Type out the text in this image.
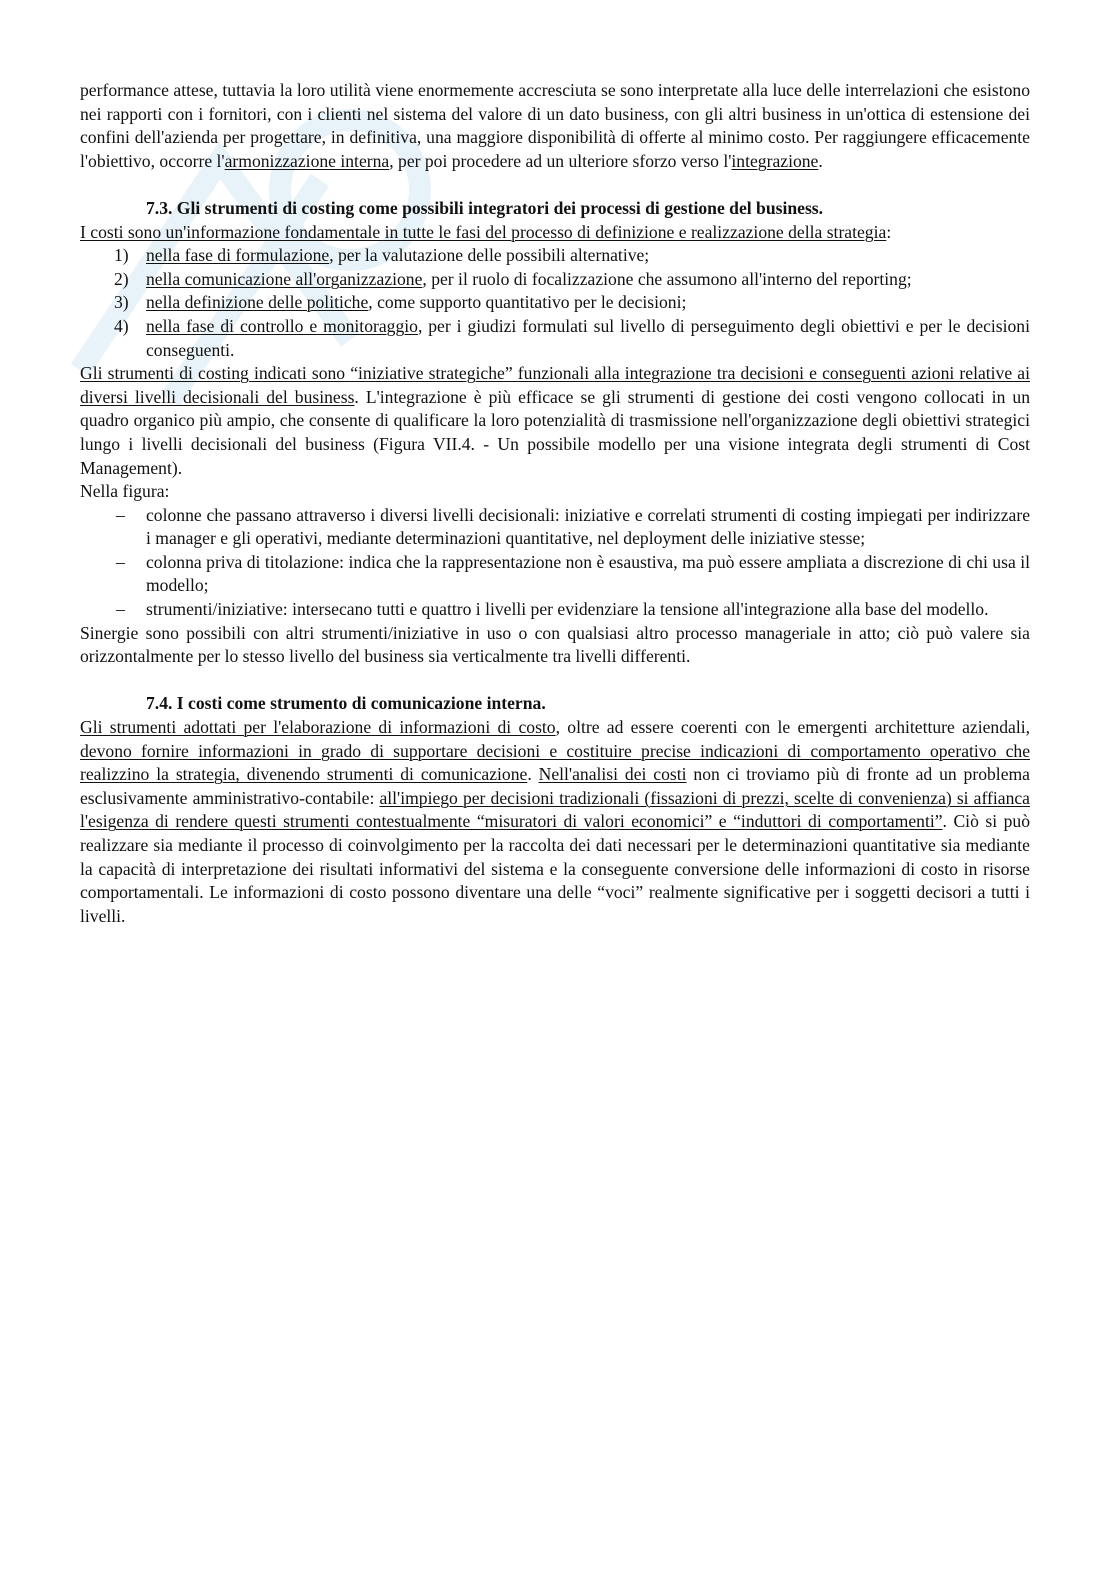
performance attese, tuttavia la loro utilità viene enormemente accresciuta se sono interpretate alla luce delle interrelazioni che esistono nei rapporti con i fornitori, con i clienti nel sistema del valore di un dato business, con gli altri business in un'ottica di estensione dei confini dell'azienda per progettare, in definitiva, una maggiore disponibilità di offerte al minimo costo. Per raggiungere efficacemente l'obiettivo, occorre l'armonizzazione interna, per poi procedere ad un ulteriore sforzo verso l'integrazione.

7.3. Gli strumenti di costing come possibili integratori dei processi di gestione del business.

I costi sono un'informazione fondamentale in tutte le fasi del processo di definizione e realizzazione della strategia:

1) nella fase di formulazione, per la valutazione delle possibili alternative;
2) nella comunicazione all'organizzazione, per il ruolo di focalizzazione che assumono all'interno del reporting;
3) nella definizione delle politiche, come supporto quantitativo per le decisioni;
4) nella fase di controllo e monitoraggio, per i giudizi formulati sul livello di perseguimento degli obiettivi e per le decisioni conseguenti.

Gli strumenti di costing indicati sono “iniziative strategiche” funzionali alla integrazione tra decisioni e conseguenti azioni relative ai diversi livelli decisionali del business. L'integrazione è più efficace se gli strumenti di gestione dei costi vengono collocati in un quadro organico più ampio, che consente di qualificare la loro potenzialità di trasmissione nell'organizzazione degli obiettivi strategici lungo i livelli decisionali del business (Figura VII.4. - Un possibile modello per una visione integrata degli strumenti di Cost Management).

Nella figura:

– colonne che passano attraverso i diversi livelli decisionali: iniziative e correlati strumenti di costing impiegati per indirizzare i manager e gli operativi, mediante determinazioni quantitative, nel deployment delle iniziative stesse;
– colonna priva di titolazione: indica che la rappresentazione non è esaustiva, ma può essere ampliata a discrezione di chi usa il modello;
– strumenti/iniziative: intersecano tutti e quattro i livelli per evidenziare la tensione all'integrazione alla base del modello.

Sinergie sono possibili con altri strumenti/iniziative in uso o con qualsiasi altro processo manageriale in atto; ciò può valere sia orizzontalmente per lo stesso livello del business sia verticalmente tra livelli differenti.

7.4. I costi come strumento di comunicazione interna.

Gli strumenti adottati per l'elaborazione di informazioni di costo, oltre ad essere coerenti con le emergenti architetture aziendali, devono fornire informazioni in grado di supportare decisioni e costituire precise indicazioni di comportamento operativo che realizzino la strategia, divenendo strumenti di comunicazione. Nell'analisi dei costi non ci troviamo più di fronte ad un problema esclusivamente amministrativo-contabile: all'impiego per decisioni tradizionali (fissazioni di prezzi, scelte di convenienza) si affianca l'esigenza di rendere questi strumenti contestualmente “misuratori di valori economici” e “induttori di comportamenti”. Ciò si può realizzare sia mediante il processo di coinvolgimento per la raccolta dei dati necessari per le determinazioni quantitative sia mediante la capacità di interpretazione dei risultati informativi del sistema e la conseguente conversione delle informazioni di costo in risorse comportamentali. Le informazioni di costo possono diventare una delle “voci” realmente significative per i soggetti decisori a tutti i livelli.
